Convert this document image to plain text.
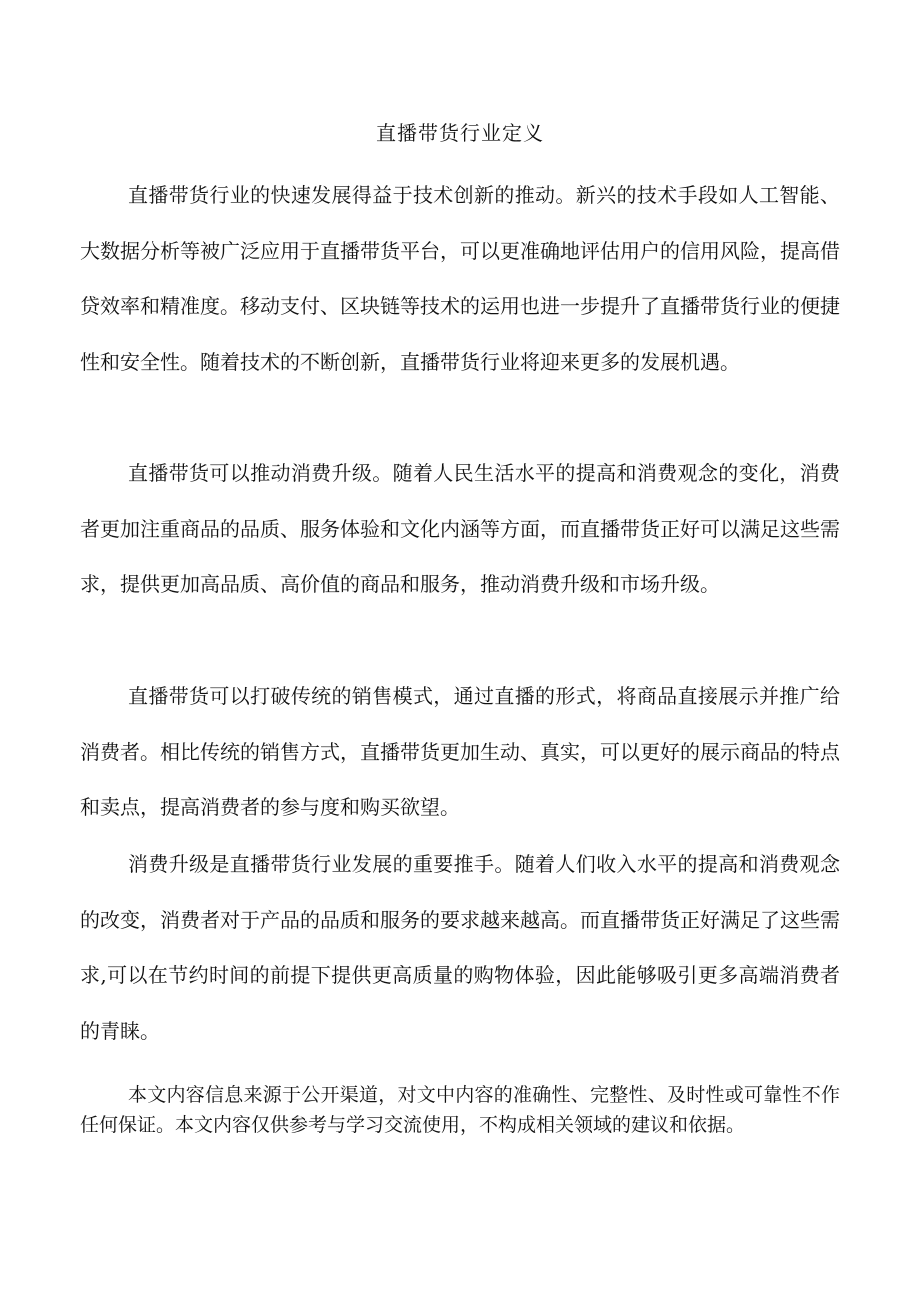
直播带货行业定义

直播带货行业的快速发展得益于技术创新的推动。新兴的技术手段如人工智能、大数据分析等被广泛应用于直播带货平台，可以更准确地评估用户的信用风险，提高借贷效率和精准度。移动支付、区块链等技术的运用也进一步提升了直播带货行业的便捷性和安全性。随着技术的不断创新，直播带货行业将迎来更多的发展机遇。

直播带货可以推动消费升级。随着人民生活水平的提高和消费观念的变化，消费者更加注重商品的品质、服务体验和文化内涵等方面，而直播带货正好可以满足这些需求，提供更加高品质、高价值的商品和服务，推动消费升级和市场升级。

直播带货可以打破传统的销售模式，通过直播的形式，将商品直接展示并推广给消费者。相比传统的销售方式，直播带货更加生动、真实，可以更好的展示商品的特点和卖点，提高消费者的参与度和购买欲望。

消费升级是直播带货行业发展的重要推手。随着人们收入水平的提高和消费观念的改变，消费者对于产品的品质和服务的要求越来越高。而直播带货正好满足了这些需求,可以在节约时间的前提下提供更高质量的购物体验，因此能够吸引更多高端消费者的青睐。

本文内容信息来源于公开渠道，对文中内容的准确性、完整性、及时性或可靠性不作任何保证。本文内容仅供参考与学习交流使用，不构成相关领域的建议和依据。
